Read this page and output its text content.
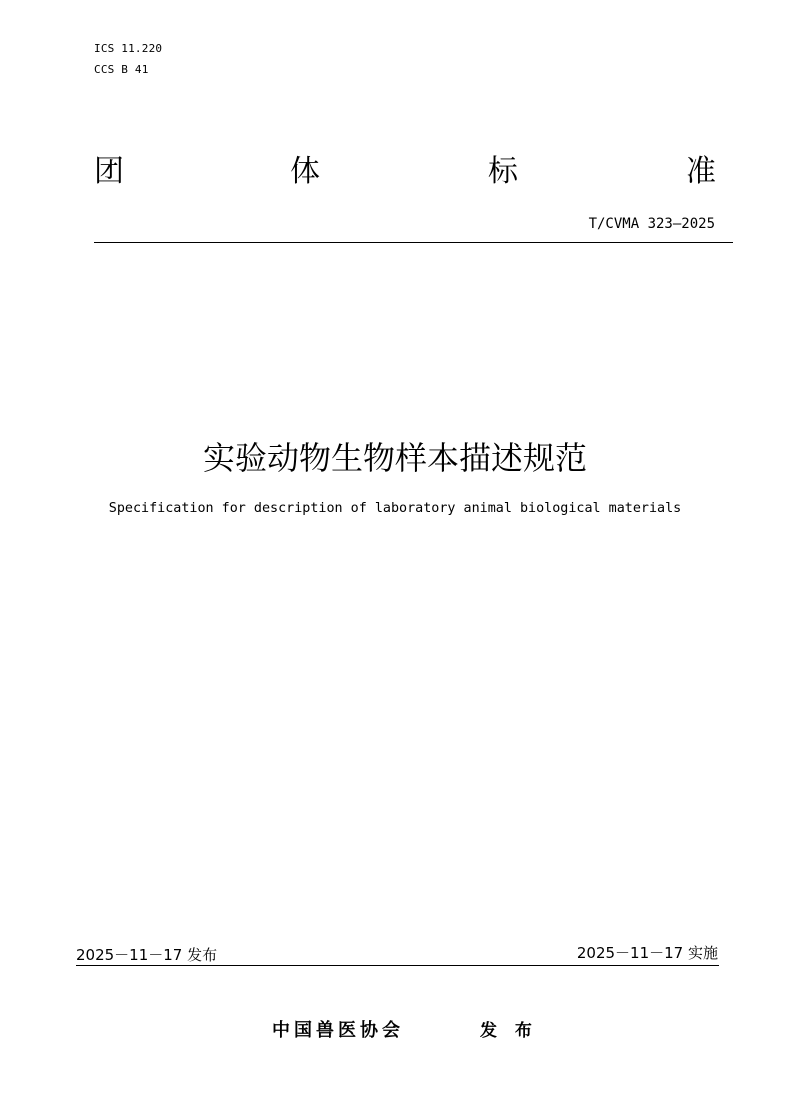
ICS 11.220
CCS B 41
团	体	标	准
T/CVMA 323—2025
实验动物生物样本描述规范
Specification for description of laboratory animal biological materials
2025－11－17 发布	2025－11－17 实施
中国兽医协会	发 布
